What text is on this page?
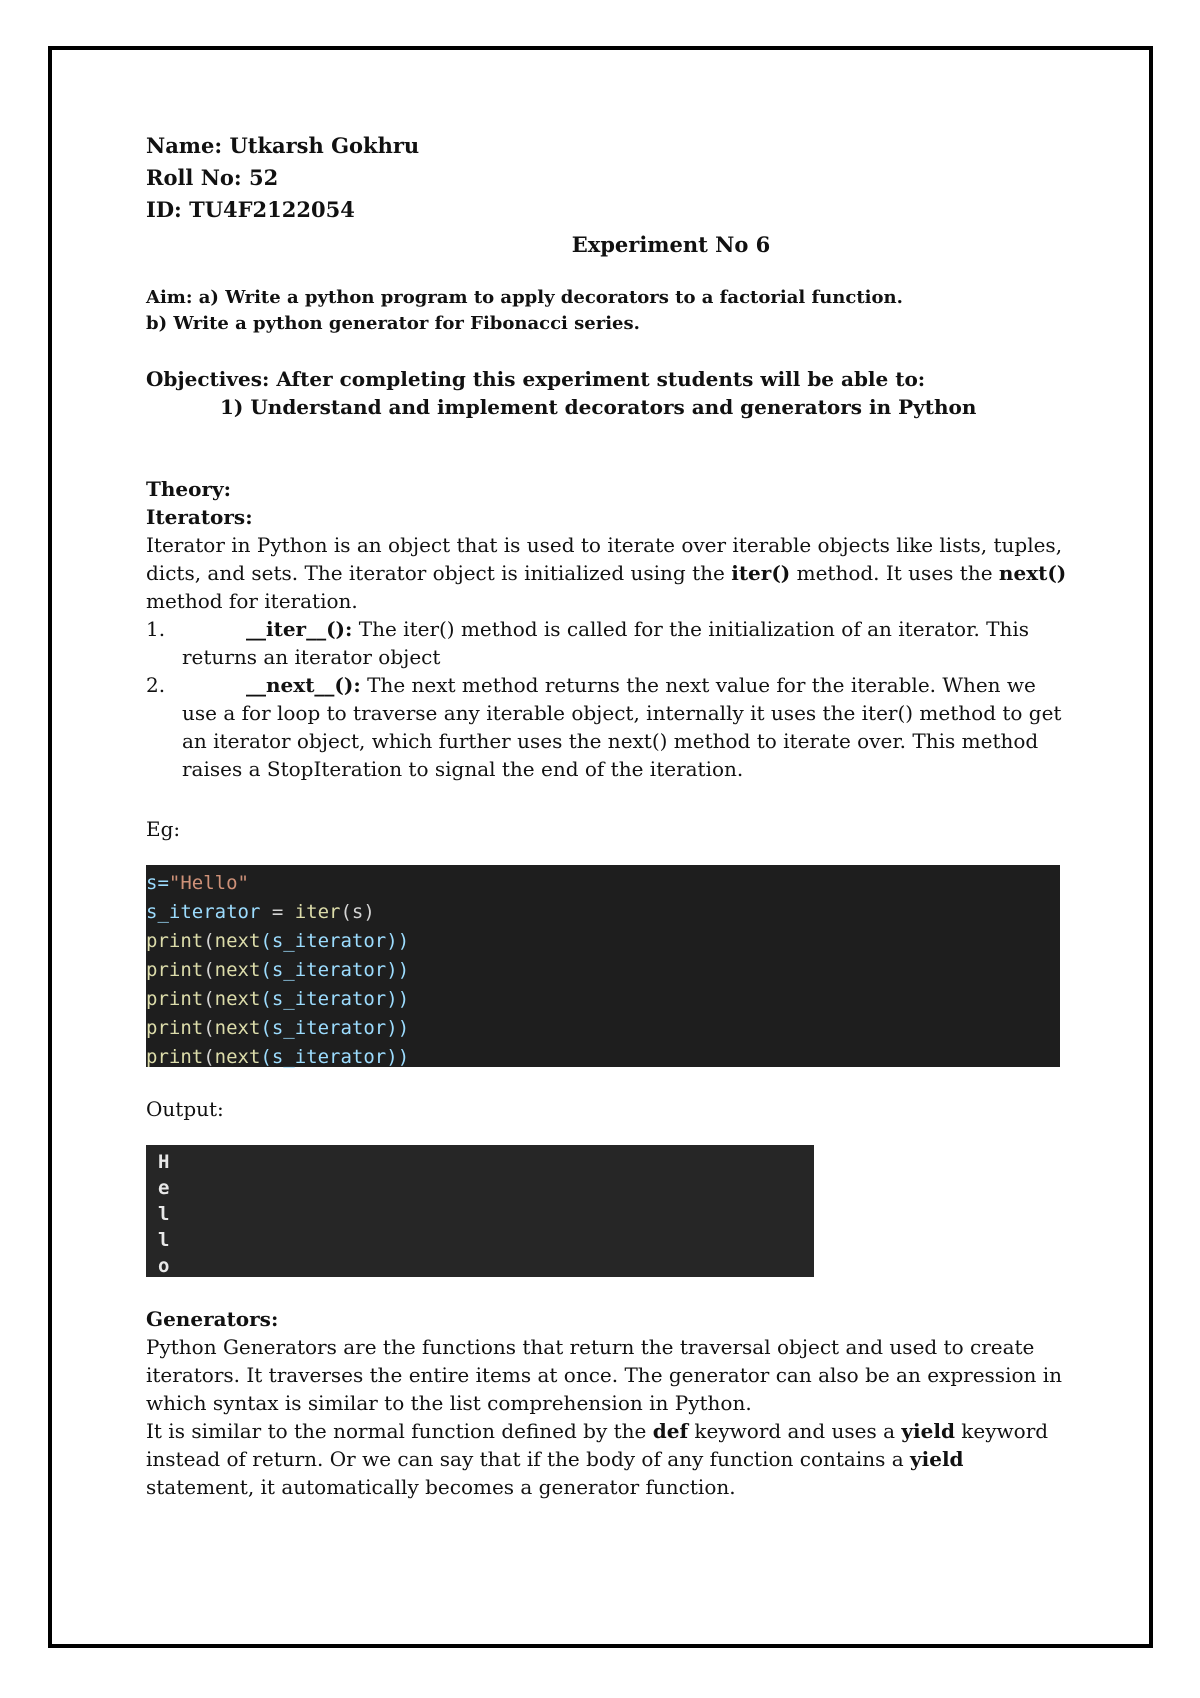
Name: Utkarsh Gokhru
Roll No: 52
ID: TU4F2122054
Experiment No 6
Aim: a) Write a python program to apply decorators to a factorial function.
b) Write a python generator for Fibonacci series.
Objectives: After completing this experiment students will be able to:
1) Understand and implement decorators and generators in Python
Theory:
Iterators:
Iterator in Python is an object that is used to iterate over iterable objects like lists, tuples, dicts, and sets. The iterator object is initialized using the iter() method. It uses the next() method for iteration.
1.	__iter__(): The iter() method is called for the initialization of an iterator. This returns an iterator object
2.	__next__(): The next method returns the next value for the iterable. When we use a for loop to traverse any iterable object, internally it uses the iter() method to get an iterator object, which further uses the next() method to iterate over. This method raises a StopIteration to signal the end of the iteration.
Eg:
s="Hello"
s_iterator = iter(s)
print(next(s_iterator))
print(next(s_iterator))
print(next(s_iterator))
print(next(s_iterator))
print(next(s_iterator))
Output:
H
e
l
l
o
Generators:
Python Generators are the functions that return the traversal object and used to create iterators. It traverses the entire items at once. The generator can also be an expression in which syntax is similar to the list comprehension in Python.
It is similar to the normal function defined by the def keyword and uses a yield keyword instead of return. Or we can say that if the body of any function contains a yield statement, it automatically becomes a generator function.
